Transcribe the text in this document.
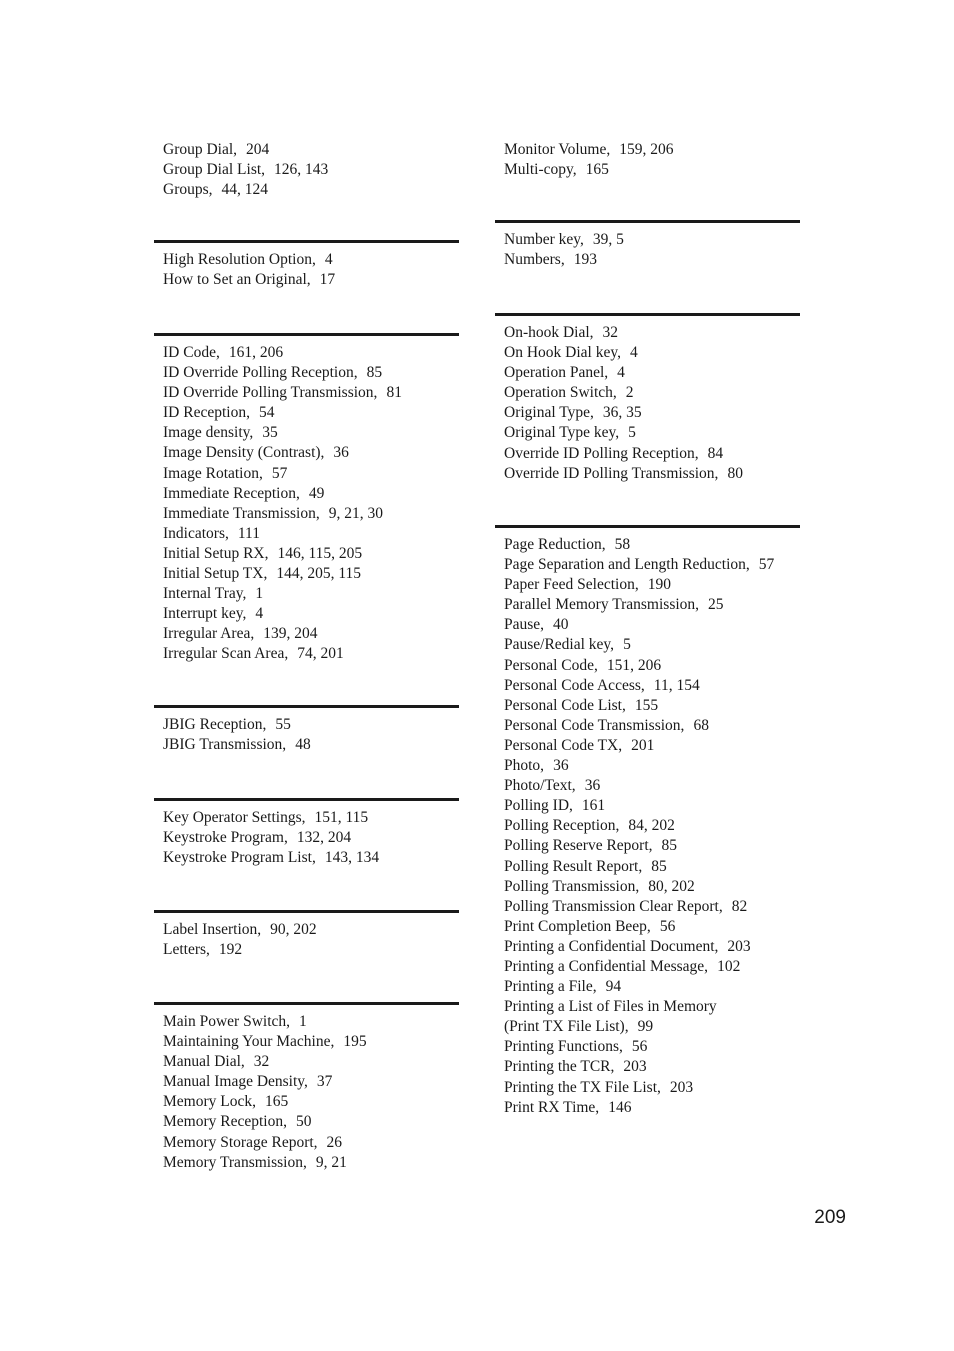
Group Dial, 204
Group Dial List, 126, 143
Groups, 44, 124
High Resolution Option, 4
How to Set an Original, 17
ID Code, 161, 206
ID Override Polling Reception, 85
ID Override Polling Transmission, 81
ID Reception, 54
Image density, 35
Image Density (Contrast), 36
Image Rotation, 57
Immediate Reception, 49
Immediate Transmission, 9, 21, 30
Indicators, 111
Initial Setup RX, 146, 115, 205
Initial Setup TX, 144, 205, 115
Internal Tray, 1
Interrupt key, 4
Irregular Area, 139, 204
Irregular Scan Area, 74, 201
JBIG Reception, 55
JBIG Transmission, 48
Key Operator Settings, 151, 115
Keystroke Program, 132, 204
Keystroke Program List, 143, 134
Label Insertion, 90, 202
Letters, 192
Main Power Switch, 1
Maintaining Your Machine, 195
Manual Dial, 32
Manual Image Density, 37
Memory Lock, 165
Memory Reception, 50
Memory Storage Report, 26
Memory Transmission, 9, 21
Monitor Volume, 159, 206
Multi-copy, 165
Number key, 39, 5
Numbers, 193
On-hook Dial, 32
On Hook Dial key, 4
Operation Panel, 4
Operation Switch, 2
Original Type, 36, 35
Original Type key, 5
Override ID Polling Reception, 84
Override ID Polling Transmission, 80
Page Reduction, 58
Page Separation and Length Reduction, 57
Paper Feed Selection, 190
Parallel Memory Transmission, 25
Pause, 40
Pause/Redial key, 5
Personal Code, 151, 206
Personal Code Access, 11, 154
Personal Code List, 155
Personal Code Transmission, 68
Personal Code TX, 201
Photo, 36
Photo/Text, 36
Polling ID, 161
Polling Reception, 84, 202
Polling Reserve Report, 85
Polling Result Report, 85
Polling Transmission, 80, 202
Polling Transmission Clear Report, 82
Print Completion Beep, 56
Printing a Confidential Document, 203
Printing a Confidential Message, 102
Printing a File, 94
Printing a List of Files in Memory
(Print TX File List), 99
Printing Functions, 56
Printing the TCR, 203
Printing the TX File List, 203
Print RX Time, 146
209
